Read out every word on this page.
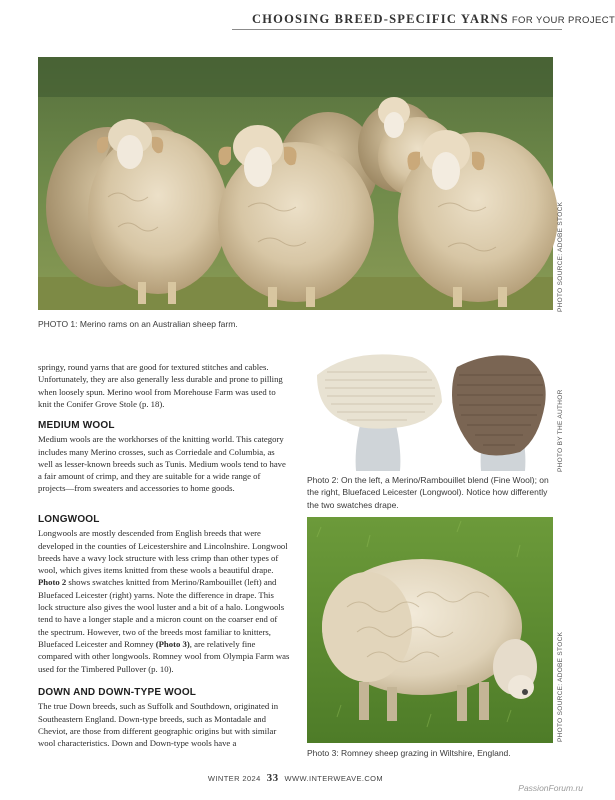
CHOOSING BREED-SPECIFIC YARNS FOR YOUR PROJECT
PHOTO SOURCE: ADOBE STOCK
PHOTO 1: Merino rams on an Australian sheep farm.

springy, round yarns that are good for textured stitches and cables. Unfortunately, they are also generally less durable and prone to pilling when loosely spun. Merino wool from Morehouse Farm was used to knit the Conifer Grove Stole (p. 18).

MEDIUM WOOL

Medium wools are the workhorses of the knitting world. This category includes many Merino crosses, such as Corriedale and Columbia, as well as lesser-known breeds such as Tunis. Medium wools tend to have a fair amount of crimp, and they are suitable for a wide range of projects—from sweaters and accessories to home goods.

LONGWOOL

Longwools are mostly descended from English breeds that were developed in the counties of Leicestershire and Lincolnshire. Longwool breeds have a wavy lock structure with less crimp than other types of wool, which gives items knitted from these wools a beautiful drape. Photo 2 shows swatches knitted from Merino/Rambouillet (left) and Bluefaced Leicester (right) yarns. Note the difference in drape. This lock structure also gives the wool luster and a bit of a halo. Longwools tend to have a longer staple and a micron count on the coarser end of the spectrum. However, two of the breeds most familiar to knitters, Bluefaced Leicester and Romney (Photo 3), are relatively fine compared with other longwools. Romney wool from Olympia Farm was used for the Timbered Pullover (p. 10).

DOWN AND DOWN-TYPE WOOL

The true Down breeds, such as Suffolk and Southdown, originated in Southeastern England. Down-type breeds, such as Montadale and Cheviot, are those from different geographic origins but with similar wool characteristics. Down and Down-type wools have a

PHOTO BY THE AUTHOR
Photo 2: On the left, a Merino/Rambouillet blend (Fine Wool); on the right, Bluefaced Leicester (Longwool). Notice how differently the two swatches drape.
PHOTO SOURCE: ADOBE STOCK
Photo 3: Romney sheep grazing in Wiltshire, England.
WINTER 2024 33 WWW.INTERWEAVE.COM
PassionForum.ru
